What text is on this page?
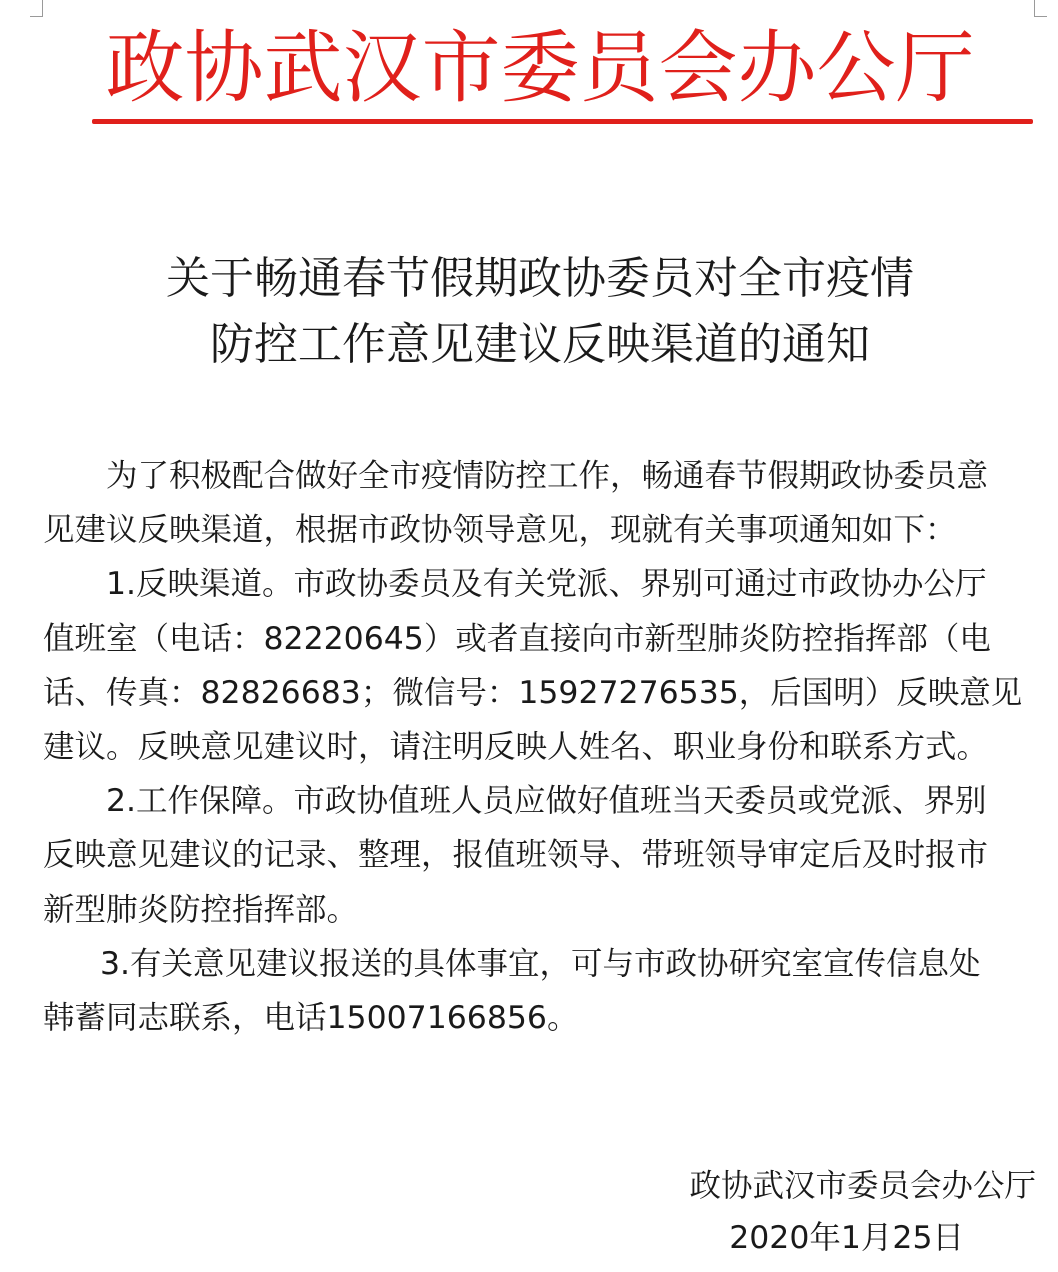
政协武汉市委员会办公厅
关于畅通春节假期政协委员对全市疫情
防控工作意见建议反映渠道的通知
为了积极配合做好全市疫情防控工作，畅通春节假期政协委员意
见建议反映渠道，根据市政协领导意见，现就有关事项通知如下：
1.反映渠道。市政协委员及有关党派、界别可通过市政协办公厅
值班室（电话：82220645）或者直接向市新型肺炎防控指挥部（电
话、传真：82826683；微信号：15927276535，后国明）反映意见
建议。反映意见建议时，请注明反映人姓名、职业身份和联系方式。
2.工作保障。市政协值班人员应做好值班当天委员或党派、界别
反映意见建议的记录、整理，报值班领导、带班领导审定后及时报市
新型肺炎防控指挥部。
3.有关意见建议报送的具体事宜，可与市政协研究室宣传信息处
韩蓄同志联系，电话15007166856。
政协武汉市委员会办公厅
2020年1月25日
